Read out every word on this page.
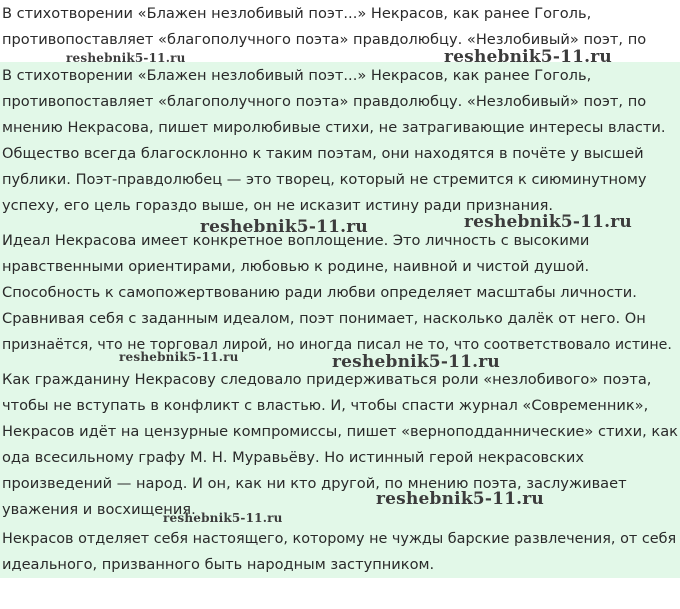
В стихотворении «Блажен незлобивый поэт...» Некрасов, как ранее Гоголь,
противопоставляет «благополучного поэта» правдолюбцу. «Незлобивый» поэт, по

В стихотворении «Блажен незлобивый поэт...» Некрасов, как ранее Гоголь,
противопоставляет «благополучного поэта» правдолюбцу. «Незлобивый» поэт, по
мнению Некрасова, пишет миролюбивые стихи, не затрагивающие интересы власти.
Общество всегда благосклонно к таким поэтам, они находятся в почёте у высшей
публики. Поэт-правдолюбец — это творец, который не стремится к сиюминутному
успеху, его цель гораздо выше, он не исказит истину ради признания.

Идеал Некрасова имеет конкретное воплощение. Это личность с высокими
нравственными ориентирами, любовью к родине, наивной и чистой душой.
Способность к самопожертвованию ради любви определяет масштабы личности.
Сравнивая себя с заданным идеалом, поэт понимает, насколько далёк от него. Он
признаётся, что не торговал лирой, но иногда писал не то, что соответствовало истине.

Как гражданину Некрасову следовало придерживаться роли «незлобивого» поэта,
чтобы не вступать в конфликт с властью. И, чтобы спасти журнал «Современник»,
Некрасов идёт на цензурные компромиссы, пишет «верноподданнические» стихи, как
ода всесильному графу М. Н. Муравьёву. Но истинный герой некрасовских
произведений — народ. И он, как ни кто другой, по мнению поэта, заслуживает
уважения и восхищения.

Некрасов отделяет себя настоящего, которому не чужды барские развлечения, от себя
идеального, призванного быть народным заступником.

reshebnik5-11.ru	reshebnik5-11.ru
reshebnik5-11.ru	reshebnik5-11.ru
reshebnik5-11.ru	reshebnik5-11.ru
reshebnik5-11.ru
reshebnik5-11.ru
